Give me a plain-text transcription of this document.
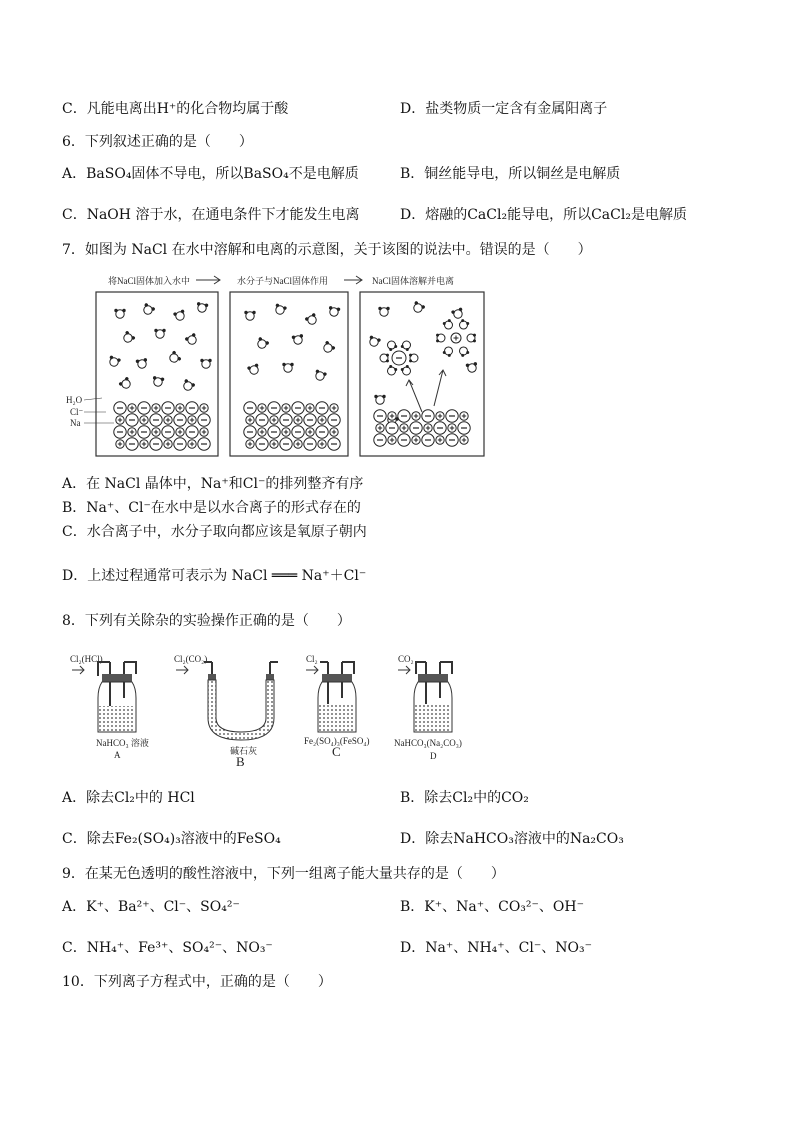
C．凡能电离出H⁺的化合物均属于酸	D．盐类物质一定含有金属阳离子
6．下列叙述正确的是（　　）
A．BaSO₄固体不导电，所以BaSO₄不是电解质	B．铜丝能导电，所以铜丝是电解质
C．NaOH 溶于水，在通电条件下才能发生电离	D．熔融的CaCl₂能导电，所以CaCl₂是电解质
7．如图为 NaCl 在水中溶解和电离的示意图，关于该图的说法中。错误的是（　　）
将NaCl固体加入水中	水分子与NaCl固体作用	NaCl固体溶解并电离
H₂O
Cl⁻
Na
A．在 NaCl 晶体中，Na⁺和Cl⁻的排列整齐有序
B．Na⁺、Cl⁻在水中是以水合离子的形式存在的
C．水合离子中，水分子取向都应该是氧原子朝内
D．上述过程通常可表示为 NaCl ═══ Na⁺＋Cl⁻
8．下列有关除杂的实验操作正确的是（　　）
Cl₂(HCl)
NaHCO₃ 溶液
A
Cl₂(CO₂)
碱石灰
B
Cl₂
Fe₂(SO₄)₃(FeSO₄)
C
CO₂
NaHCO₃(Na₂CO₃)
D
A．除去Cl₂中的 HCl	B．除去Cl₂中的CO₂
C．除去Fe₂(SO₄)₃溶液中的FeSO₄	D．除去NaHCO₃溶液中的Na₂CO₃
9．在某无色透明的酸性溶液中，下列一组离子能大量共存的是（　　）
A．K⁺、Ba²⁺、Cl⁻、SO₄²⁻	B．K⁺、Na⁺、CO₃²⁻、OH⁻
C．NH₄⁺、Fe³⁺、SO₄²⁻、NO₃⁻	D．Na⁺、NH₄⁺、Cl⁻、NO₃⁻
10．下列离子方程式中，正确的是（　　）
